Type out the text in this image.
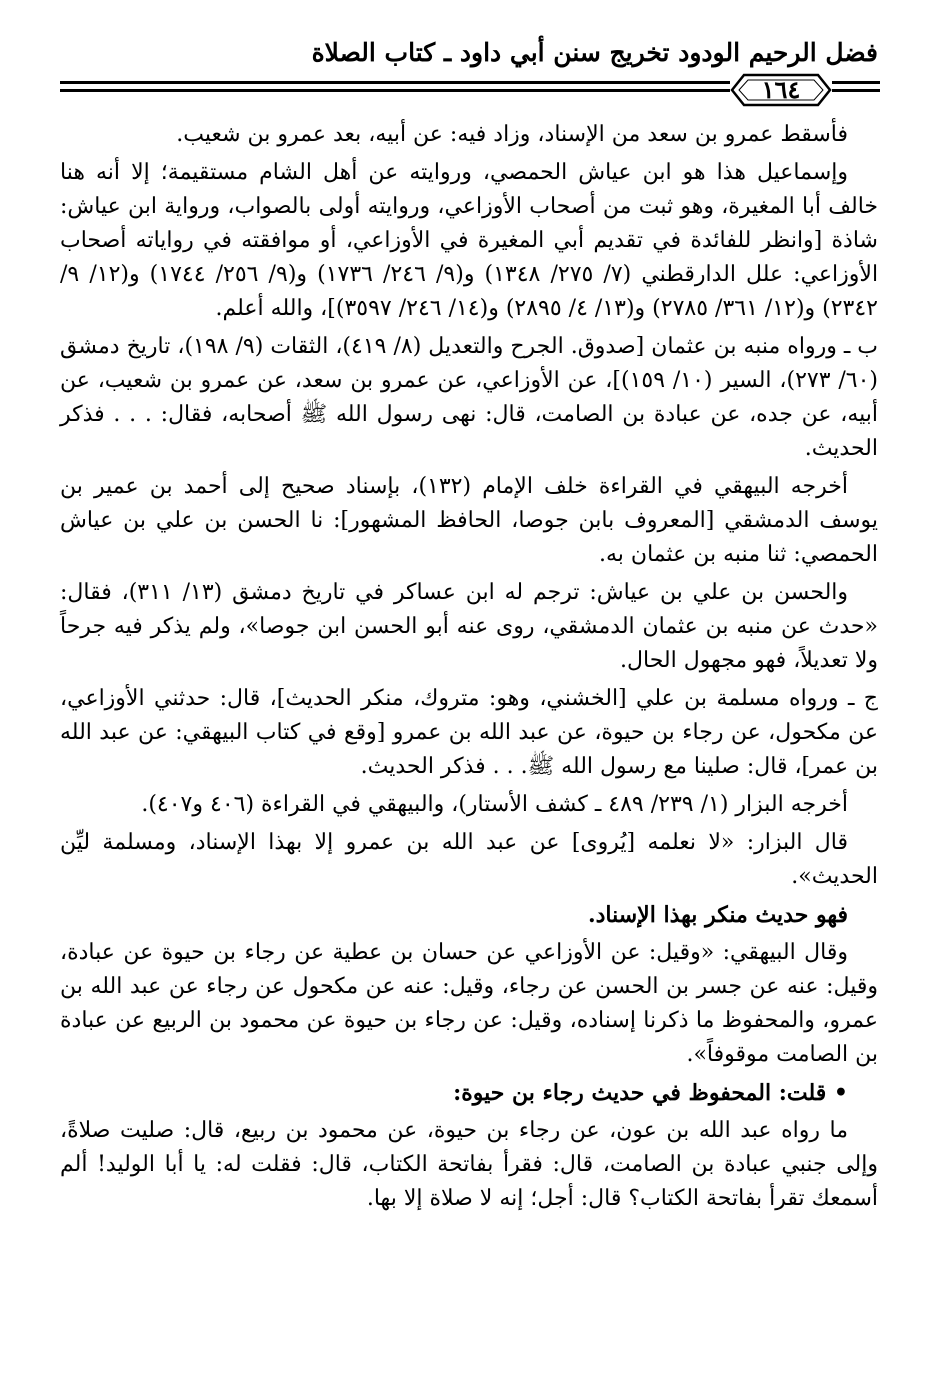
فضل الرحيم الودود تخريج سنن أبي داود ـ كتاب الصلاة
١٦٤

فأسقط عمرو بن سعد من الإسناد، وزاد فيه: عن أبيه، بعد عمرو بن شعيب.

وإسماعيل هذا هو ابن عياش الحمصي، وروايته عن أهل الشام مستقيمة؛ إلا أنه هنا خالف أبا المغيرة، وهو ثبت من أصحاب الأوزاعي، وروايته أولى بالصواب، ورواية ابن عياش: شاذة [وانظر للفائدة في تقديم أبي المغيرة في الأوزاعي، أو موافقته في رواياته أصحاب الأوزاعي: علل الدارقطني (٧/ ٢٧٥/ ١٣٤٨) و(٩/ ٢٤٦/ ١٧٣٦) و(٩/ ٢٥٦/ ١٧٤٤) و(١٢/ ٩/ ٢٣٤٢) و(١٢/ ٣٦١/ ٢٧٨٥) و(١٣/ ٤/ ٢٨٩٥) و(١٤/ ٢٤٦/ ٣٥٩٧)]، والله أعلم.

ب ـ ورواه منبه بن عثمان [صدوق. الجرح والتعديل (٨/ ٤١٩)، الثقات (٩/ ١٩٨)، تاريخ دمشق (٦٠/ ٢٧٣)، السير (١٠/ ١٥٩)]، عن الأوزاعي، عن عمرو بن سعد، عن عمرو بن شعيب، عن أبيه، عن جده، عن عبادة بن الصامت، قال: نهى رسول الله ﷺ أصحابه، فقال: . . . فذكر الحديث.

أخرجه البيهقي في القراءة خلف الإمام (١٣٢)، بإسناد صحيح إلى أحمد بن عمير بن يوسف الدمشقي [المعروف بابن جوصا، الحافظ المشهور]: نا الحسن بن علي بن عياش الحمصي: ثنا منبه بن عثمان به.

والحسن بن علي بن عياش: ترجم له ابن عساكر في تاريخ دمشق (١٣/ ٣١١)، فقال: «حدث عن منبه بن عثمان الدمشقي، روى عنه أبو الحسن ابن جوصا»، ولم يذكر فيه جرحاً ولا تعديلاً، فهو مجهول الحال.

ج ـ ورواه مسلمة بن علي [الخشني، وهو: متروك، منكر الحديث]، قال: حدثني الأوزاعي، عن مكحول، عن رجاء بن حيوة، عن عبد الله بن عمرو [وقع في كتاب البيهقي: عن عبد الله بن عمر]، قال: صلينا مع رسول الله ﷺ. . . فذكر الحديث.

أخرجه البزار (١/ ٢٣٩/ ٤٨٩ ـ كشف الأستار)، والبيهقي في القراءة (٤٠٦ و٤٠٧).

قال البزار: «لا نعلمه [يُروى] عن عبد الله بن عمرو إلا بهذا الإسناد، ومسلمة ليِّن الحديث».

فهو حديث منكر بهذا الإسناد.

وقال البيهقي: «وقيل: عن الأوزاعي عن حسان بن عطية عن رجاء بن حيوة عن عبادة، وقيل: عنه عن جسر بن الحسن عن رجاء، وقيل: عنه عن مكحول عن رجاء عن عبد الله بن عمرو، والمحفوظ ما ذكرنا إسناده، وقيل: عن رجاء بن حيوة عن محمود بن الربيع عن عبادة بن الصامت موقوفاً».

• قلت: المحفوظ في حديث رجاء بن حيوة:

ما رواه عبد الله بن عون، عن رجاء بن حيوة، عن محمود بن ربيع، قال: صليت صلاةً، وإلى جنبي عبادة بن الصامت، قال: فقرأ بفاتحة الكتاب، قال: فقلت له: يا أبا الوليد! ألم أسمعك تقرأ بفاتحة الكتاب؟ قال: أجل؛ إنه لا صلاة إلا بها.
